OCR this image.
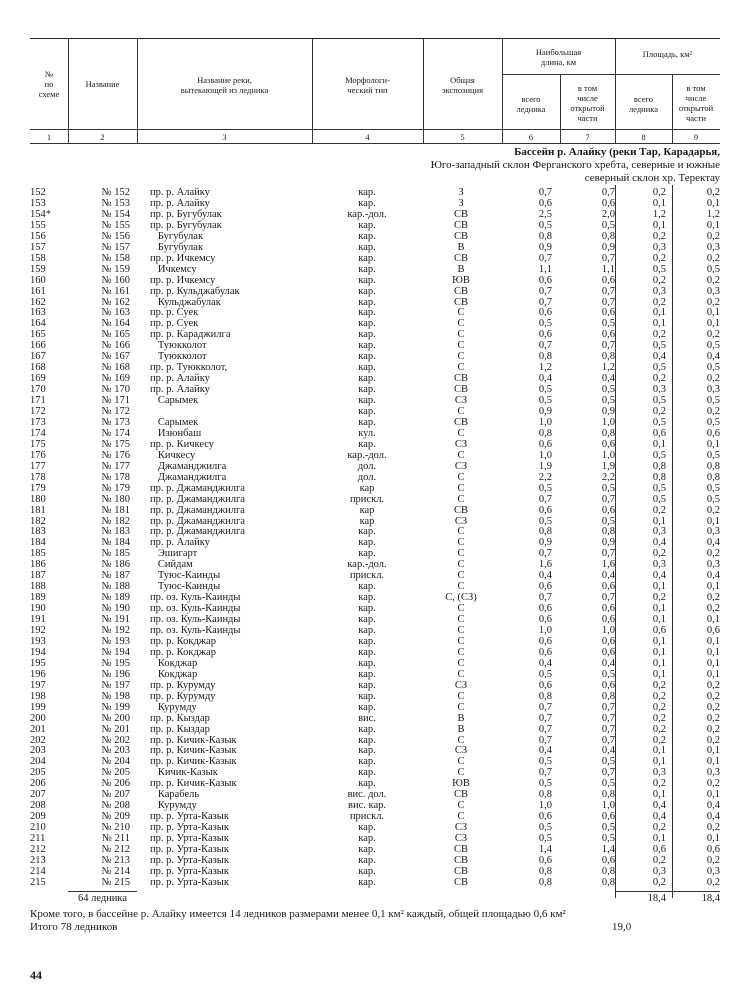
№
по
схеме
Название	Название реки,
вытекающей из ледника
Морфологи-
ческий тип
Общая
экспозиция
Наибольшая
длина, км
Площадь, км²
всего
ледника
в том
числе
открытой
части
всего
ледника
в том
числе
открытой
части
1	2	3	4	5	6	7	8	9
Бассейн р. Алайку (реки Тар, Карадарья,
Юго-западный склон Ферганского хребта, северные и южные
северный склон хр. Теректау
152	№ 152 пр. р. Алайку	кар.	З	0,7	0,7	0,2	0,2
153	№ 153 пр. р. Алайку	кар.	З	0,6	0,6	0,1	0,1
154*	№ 154 пр. р. Бугубулак	кар.-дол.	СВ	2,5	2,0	1,2	1,2
155	№ 155 пр. р. Бугубулак	кар.	СВ	0,5	0,5	0,1	0,1
156	№ 156 Бугубулак	кар.	СВ	0,8	0,8	0,2	0,2
157	№ 157 Бугубулак	кар.	В	0,9	0,9	0,3	0,3
158	№ 158 пр. р. Ичкемсу	кар.	СВ	0,7	0,7	0,2	0,2
159	№ 159 Ичкемсу	кар.	В	1,1	1,1	0,5	0,5
160	№ 160 пр. р. Ичкемсу	кар.	ЮВ	0,6	0,6	0,2	0,2
161	№ 161 пр. р. Кульджабулак	кар.	СВ	0,7	0,7	0,3	0,3
162	№ 162 Кульджабулак	кар.	СВ	0,7	0,7	0,2	0,2
163	№ 163 пр. р. Суек	кар.	С	0,6	0,6	0,1	0,1
164	№ 164 пр. р. Суек	кар.	С	0,5	0,5	0,1	0,1
165	№ 165 пр. р. Караджилга	кар.	С	0,6	0,6	0,2	0,2
166	№ 166 Туюкколот	кар.	С	0,7	0,7	0,5	0,5
167	№ 167 Туюкколот	кар.	С	0,8	0,8	0,4	0,4
168	№ 168 пр. р. Туюкколот,	кар.	С	1,2	1,2	0,5	0,5
169	№ 169 пр. р. Алайку	кар.	СВ	0,4	0,4	0,2	0,2
170	№ 170 пр. р. Алайку	кар.	СВ	0,5	0,5	0,3	0,3
171	№ 171 Сарымек	кар.	СЗ	0,5	0,5	0,5	0,5
172	№ 172	кар.	С	0,9	0,9	0,2	0,2
173	№ 173 Сарымек	кар.	СВ	1,0	1,0	0,5	0,5
174	№ 174 Изюнбаш	кул.	С	0,8	0,8	0,6	0,6
175	№ 175 пр. р. Кичкесу	кар.	СЗ	0,6	0,6	0,1	0,1
176	№ 176 Кичкесу	кар.-дол.	С	1,0	1,0	0,5	0,5
177	№ 177 Джаманджилга	дол.	СЗ	1,9	1,9	0,8	0,8
178	№ 178 Джаманджилга	дол.	С	2,2	2,2	0,8	0,8
179	№ 179 пр. р. Джаманджилга	кар	С	0,5	0,5	0,5	0,5
180	№ 180 пр. р. Джаманджилга	прискл.	С	0,7	0,7	0,5	0,5
181	№ 181 пр. р. Джаманджилга	кар	СВ	0,6	0,6	0,2	0,2
182	№ 182 пр. р. Джаманджилга	кар	СЗ	0,5	0,5	0,1	0,1
183	№ 183 пр. р. Джаманджилга	кар.	С	0,8	0,8	0,3	0,3
184	№ 184 пр. р. Алайку	кар.	С	0,9	0,9	0,4	0,4
185	№ 185 Эшигарт	кар.	С	0,7	0,7	0,2	0,2
186	№ 186 Сийдам	кар.-дол.	С	1,6	1,6	0,3	0,3
187	№ 187 Туюс-Каинды	прискл.	С	0,4	0,4	0,4	0,4
188	№ 188 Туюс-Каинды	кар.	С	0,6	0,6	0,1	0,1
189	№ 189 пр. оз. Куль-Каинды	кар.	С, (СЗ)	0,7	0,7	0,2	0,2
190	№ 190 пр. оз. Куль-Каинды	кар.	С	0,6	0,6	0,1	0,2
191	№ 191 пр. оз. Куль-Каинды	кар.	С	0,6	0,6	0,1	0,1
192	№ 192 пр. оз. Куль-Каинды	кар.	С	1,0	1,0	0,6	0,6
193	№ 193 пр. р. Кокджар	кар.	С	0,6	0,6	0,1	0,1
194	№ 194 пр. р. Кокджар	кар.	С	0,6	0,6	0,1	0,1
195	№ 195 Кокджар	кар.	С	0,4	0,4	0,1	0,1
196	№ 196 Кокджар	кар.	С	0,5	0,5	0,1	0,1
197	№ 197 пр. р. Курумду	кар.	СЗ	0,6	0,6	0,2	0,2
198	№ 198 пр. р. Курумду	кар.	С	0,8	0,8	0,2	0,2
199	№ 199 Курумду	кар.	С	0,7	0,7	0,2	0,2
200	№ 200 пр. р. Кыздар	вис.	В	0,7	0,7	0,2	0,2
201	№ 201 пр. р. Кыздар	кар.	В	0,7	0,7	0,2	0,2
202	№ 202 пр. р. Кичик-Казык	кар.	С	0,7	0,7	0,2	0,2
203	№ 203 пр. р. Кичик-Казык	кар.	СЗ	0,4	0,4	0,1	0,1
204	№ 204 пр. р. Кичик-Казык	кар.	С	0,5	0,5	0,1	0,1
205	№ 205 Кичик-Казык	кар.	С	0,7	0,7	0,3	0,3
206	№ 206 пр. р. Кичик-Казык	кар.	ЮВ	0,5	0,5	0,2	0,2
207	№ 207 Карабель	вис. дол.	СВ	0,8	0,8	0,1	0,1
208	№ 208 Курумду	вис. кар.	С	1,0	1,0	0,4	0,4
209	№ 209 пр. р. Урта-Казык	прискл.	С	0,6	0,6	0,4	0,4
210	№ 210 пр. р. Урта-Казык	кар.	СЗ	0,5	0,5	0,2	0,2
211	№ 211 пр. р. Урта-Казык	кар.	СЗ	0,5	0,5	0,1	0,1
212	№ 212 пр. р. Урта-Казык	кар.	СВ	1,4	1,4	0,6	0,6
213	№ 213 пр. р. Урта-Казык	кар.	СВ	0,6	0,6	0,2	0,2
214	№ 214 пр. р. Урта-Казык	кар.	СВ	0,8	0,8	0,3	0,3
215	№ 215 пр. р. Урта-Казык	кар.	СВ	0,8	0,8	0,2	0,2
64 ледника	18,4	18,4
Кроме того, в бассейне р. Алайку имеется 14 ледников размерами менее 0,1 км² каждый, общей площадью 0,6 км²
Итого 78 ледников	19,0
44
